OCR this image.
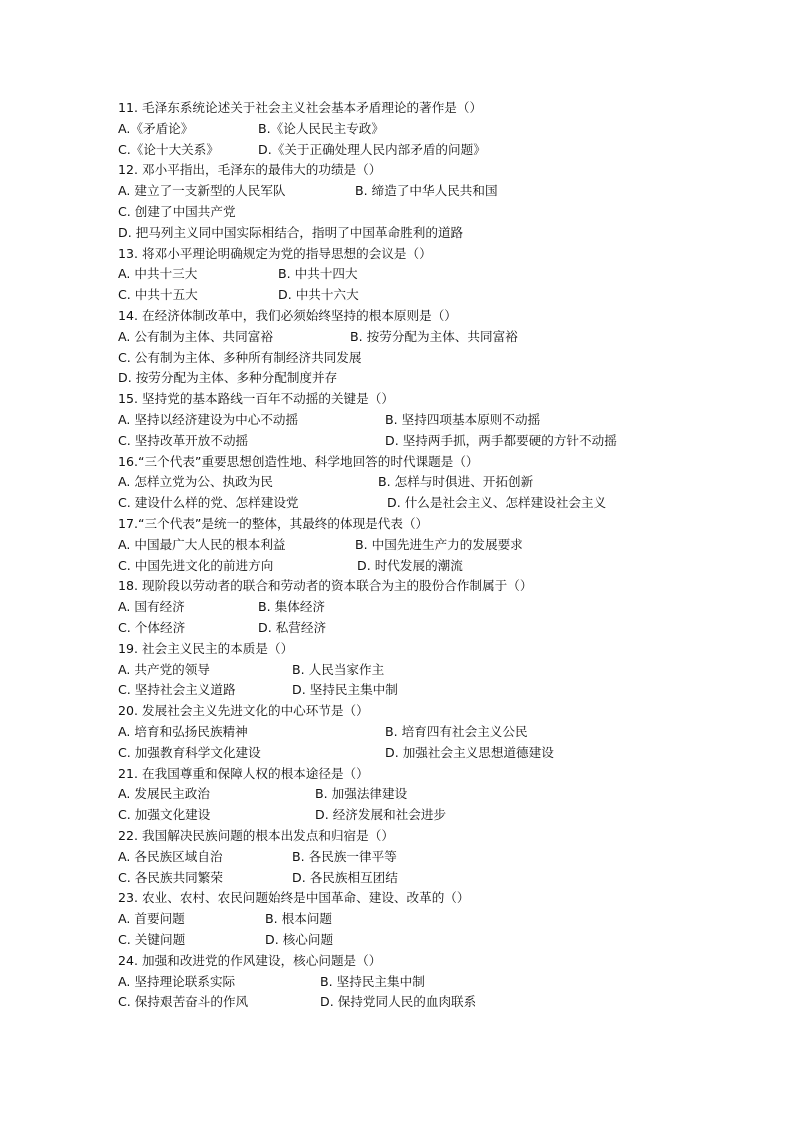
11. 毛泽东系统论述关于社会主义社会基本矛盾理论的著作是（）
A.《矛盾论》	B.《论人民民主专政》
C.《论十大关系》	D.《关于正确处理人民内部矛盾的问题》
12. 邓小平指出，毛泽东的最伟大的功绩是（）
A. 建立了一支新型的人民军队	B. 缔造了中华人民共和国
C. 创建了中国共产党
D. 把马列主义同中国实际相结合，指明了中国革命胜利的道路
13. 将邓小平理论明确规定为党的指导思想的会议是（）
A. 中共十三大	B. 中共十四大
C. 中共十五大	D. 中共十六大
14. 在经济体制改革中，我们必须始终坚持的根本原则是（）
A. 公有制为主体、共同富裕	B. 按劳分配为主体、共同富裕
C. 公有制为主体、多种所有制经济共同发展
D. 按劳分配为主体、多种分配制度并存
15. 坚持党的基本路线一百年不动摇的关键是（）
A. 坚持以经济建设为中心不动摇	B. 坚持四项基本原则不动摇
C. 坚持改革开放不动摇	D. 坚持两手抓，两手都要硬的方针不动摇
16.“三个代表”重要思想创造性地、科学地回答的时代课题是（）
A. 怎样立党为公、执政为民	B. 怎样与时俱进、开拓创新
C. 建设什么样的党、怎样建设党	D. 什么是社会主义、怎样建设社会主义
17.“三个代表”是统一的整体，其最终的体现是代表（）
A. 中国最广大人民的根本利益	B. 中国先进生产力的发展要求
C. 中国先进文化的前进方向	D. 时代发展的潮流
18. 现阶段以劳动者的联合和劳动者的资本联合为主的股份合作制属于（）
A. 国有经济	B. 集体经济
C. 个体经济	D. 私营经济
19. 社会主义民主的本质是（）
A. 共产党的领导	B. 人民当家作主
C. 坚持社会主义道路	D. 坚持民主集中制
20. 发展社会主义先进文化的中心环节是（）
A. 培育和弘扬民族精神	B. 培育四有社会主义公民
C. 加强教育科学文化建设	D. 加强社会主义思想道德建设
21. 在我国尊重和保障人权的根本途径是（）
A. 发展民主政治	B. 加强法律建设
C. 加强文化建设	D. 经济发展和社会进步
22. 我国解决民族问题的根本出发点和归宿是（）
A. 各民族区域自治	B. 各民族一律平等
C. 各民族共同繁荣	D. 各民族相互团结
23. 农业、农村、农民问题始终是中国革命、建设、改革的（）
A. 首要问题	B. 根本问题
C. 关键问题	D. 核心问题
24. 加强和改进党的作风建设，核心问题是（）
A. 坚持理论联系实际	B. 坚持民主集中制
C. 保持艰苦奋斗的作风	D. 保持党同人民的血肉联系
